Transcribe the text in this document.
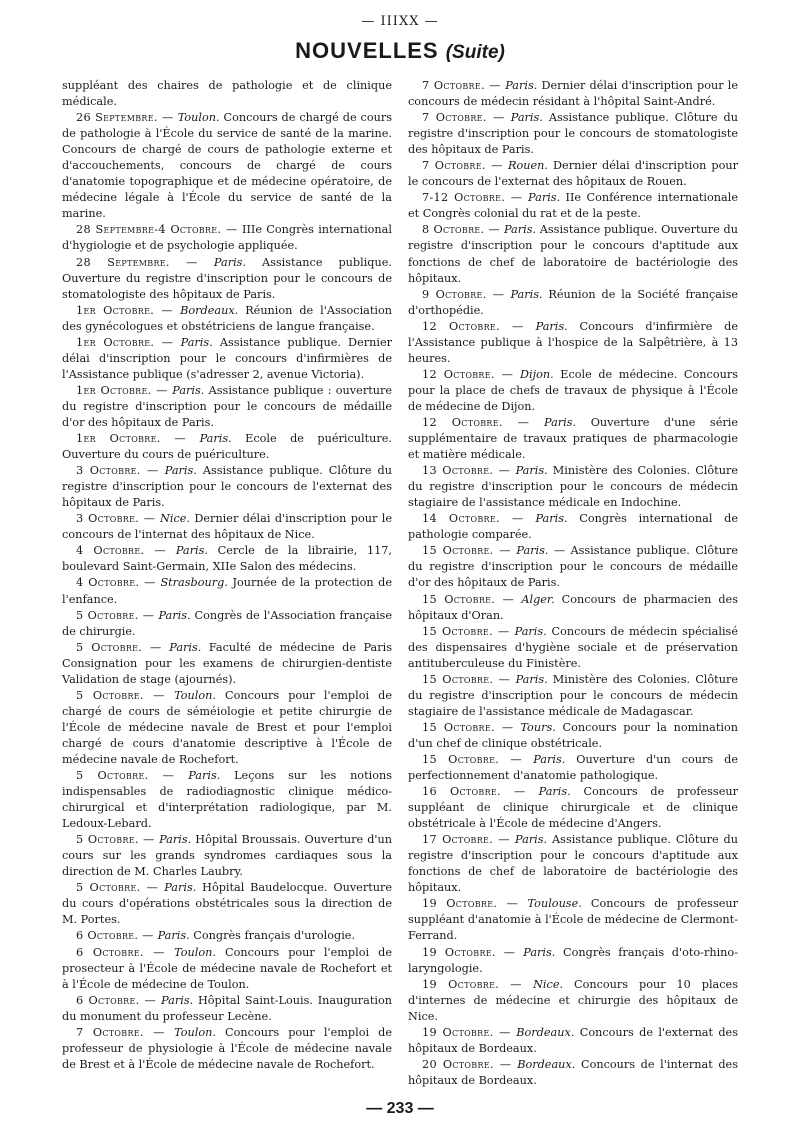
— IIIXX —
NOUVELLES (Suite)

suppléant des chaires de pathologie et de clinique médicale.

26 Septembre. — Toulon. Concours de chargé de cours de pathologie à l'École du service de santé de la marine. Concours de chargé de cours de pathologie externe et d'accouchements, concours de chargé de cours d'anatomie topographique et de médecine opératoire, de médecine légale à l'École du service de santé de la marine.

28 Septembre-4 Octobre. — IIIe Congrès international d'hygiologie et de psychologie appliquée.

28 Septembre. — Paris. Assistance publique. Ouverture du registre d'inscription pour le concours de stomatologiste des hôpitaux de Paris.

1er Octobre. — Bordeaux. Réunion de l'Association des gynécologues et obstétriciens de langue française.

1er Octobre. — Paris. Assistance publique. Dernier délai d'inscription pour le concours d'infirmières de l'Assistance publique (s'adresser 2, avenue Victoria).

1er Octobre. — Paris. Assistance publique : ouverture du registre d'inscription pour le concours de médaille d'or des hôpitaux de Paris.

1er Octobre. — Paris. Ecole de puériculture. Ouverture du cours de puériculture.

3 Octobre. — Paris. Assistance publique. Clôture du registre d'inscription pour le concours de l'externat des hôpitaux de Paris.

3 Octobre. — Nice. Dernier délai d'inscription pour le concours de l'internat des hôpitaux de Nice.

4 Octobre. — Paris. Cercle de la librairie, 117, boulevard Saint-Germain, XIIe Salon des médecins.

4 Octobre. — Strasbourg. Journée de la protection de l'enfance.

5 Octobre. — Paris. Congrès de l'Association française de chirurgie.

5 Octobre. — Paris. Faculté de médecine de Paris Consignation pour les examens de chirurgien-dentiste Validation de stage (ajournés).

5 Octobre. — Toulon. Concours pour l'emploi de chargé de cours de séméiologie et petite chirurgie de l'École de médecine navale de Brest et pour l'emploi chargé de cours d'anatomie descriptive à l'École de médecine navale de Rochefort.

5 Octobre. — Paris. Leçons sur les notions indispensables de radiodiagnostic clinique médico-chirurgical et d'interprétation radiologique, par M. Ledoux-Lebard.

5 Octobre. — Paris. Hôpital Broussais. Ouverture d'un cours sur les grands syndromes cardiaques sous la direction de M. Charles Laubry.

5 Octobre. — Paris. Hôpital Baudelocque. Ouverture du cours d'opérations obstétricales sous la direction de M. Portes.

6 Octobre. — Paris. Congrès français d'urologie.

6 Octobre. — Toulon. Concours pour l'emploi de prosecteur à l'École de médecine navale de Rochefort et à l'École de médecine de Toulon.

6 Octobre. — Paris. Hôpital Saint-Louis. Inauguration du monument du professeur Lecène.

7 Octobre. — Toulon. Concours pour l'emploi de professeur de physiologie à l'École de médecine navale de Brest et à l'École de médecine navale de Rochefort.

7 Octobre. — Paris. Dernier délai d'inscription pour le concours de médecin résidant à l'hôpital Saint-André.

7 Octobre. — Paris. Assistance publique. Clôture du registre d'inscription pour le concours de stomatologiste des hôpitaux de Paris.

7 Octobre. — Rouen. Dernier délai d'inscription pour le concours de l'externat des hôpitaux de Rouen.

7-12 Octobre. — Paris. IIe Conférence internationale et Congrès colonial du rat et de la peste.

8 Octobre. — Paris. Assistance publique. Ouverture du registre d'inscription pour le concours d'aptitude aux fonctions de chef de laboratoire de bactériologie des hôpitaux.

9 Octobre. — Paris. Réunion de la Société française d'orthopédie.

12 Octobre. — Paris. Concours d'infirmière de l'Assistance publique à l'hospice de la Salpêtrière, à 13 heures.

12 Octobre. — Dijon. Ecole de médecine. Concours pour la place de chefs de travaux de physique à l'École de médecine de Dijon.

12 Octobre. — Paris. Ouverture d'une série supplémentaire de travaux pratiques de pharmacologie et matière médicale.

13 Octobre. — Paris. Ministère des Colonies. Clôture du registre d'inscription pour le concours de médecin stagiaire de l'assistance médicale en Indochine.

14 Octobre. — Paris. Congrès international de pathologie comparée.

15 Octobre. — Paris. — Assistance publique. Clôture du registre d'inscription pour le concours de médaille d'or des hôpitaux de Paris.

15 Octobre. — Alger. Concours de pharmacien des hôpitaux d'Oran.

15 Octobre. — Paris. Concours de médecin spécialisé des dispensaires d'hygiène sociale et de préservation antituberculeuse du Finistère.

15 Octobre. — Paris. Ministère des Colonies. Clôture du registre d'inscription pour le concours de médecin stagiaire de l'assistance médicale de Madagascar.

15 Octobre. — Tours. Concours pour la nomination d'un chef de clinique obstétricale.

15 Octobre. — Paris. Ouverture d'un cours de perfectionnement d'anatomie pathologique.

16 Octobre. — Paris. Concours de professeur suppléant de clinique chirurgicale et de clinique obstétricale à l'École de médecine d'Angers.

17 Octobre. — Paris. Assistance publique. Clôture du registre d'inscription pour le concours d'aptitude aux fonctions de chef de laboratoire de bactériologie des hôpitaux.

19 Octobre. — Toulouse. Concours de professeur suppléant d'anatomie à l'École de médecine de Clermont-Ferrand.

19 Octobre. — Paris. Congrès français d'oto-rhino-laryngologie.

19 Octobre. — Nice. Concours pour 10 places d'internes de médecine et chirurgie des hôpitaux de Nice.

19 Octobre. — Bordeaux. Concours de l'externat des hôpitaux de Bordeaux.

20 Octobre. — Bordeaux. Concours de l'internat des hôpitaux de Bordeaux.

— 233 —
